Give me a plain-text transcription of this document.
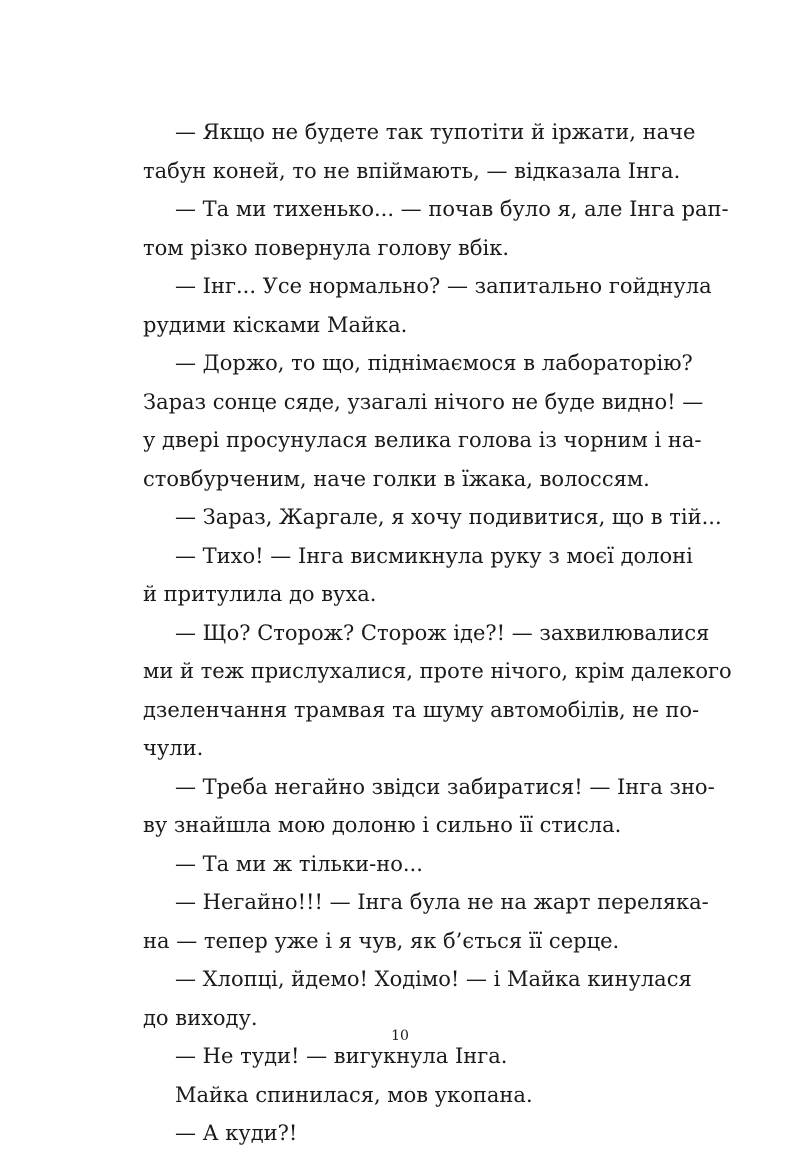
— Якщо не будете так тупотіти й іржати, наче
табун коней, то не впіймають, — відказала Інга.
— Та ми тихенько... — почав було я, але Інга рап-
том різко повернула голову вбік.
— Інг... Усе нормально? — запитально гойднула
рудими кісками Майка.
— Доржо, то що, піднімаємося в лабораторію?
Зараз сонце сяде, узагалі нічого не буде видно! —
у двері просунулася велика голова із чорним і на-
стовбурченим, наче голки в їжака, волоссям.
— Зараз, Жаргале, я хочу подивитися, що в тій...
— Тихо! — Інга висмикнула руку з моєї долоні
й притулила до вуха.
— Що? Сторож? Сторож іде?! — захвилювалися
ми й теж прислухалися, проте нічого, крім далекого
дзеленчання трамвая та шуму автомобілів, не по-
чули.
— Треба негайно звідси забиратися! — Інга зно-
ву знайшла мою долоню і сильно її стисла.
— Та ми ж тільки-но...
— Негайно!!! — Інга була не на жарт переляка-
на — тепер уже і я чув, як б’ється її серце.
— Хлопці, йдемо! Ходімо! — і Майка кинулася
до виходу.
— Не туди! — вигукнула Інга.
Майка спинилася, мов укопана.
— А куди?!
10
